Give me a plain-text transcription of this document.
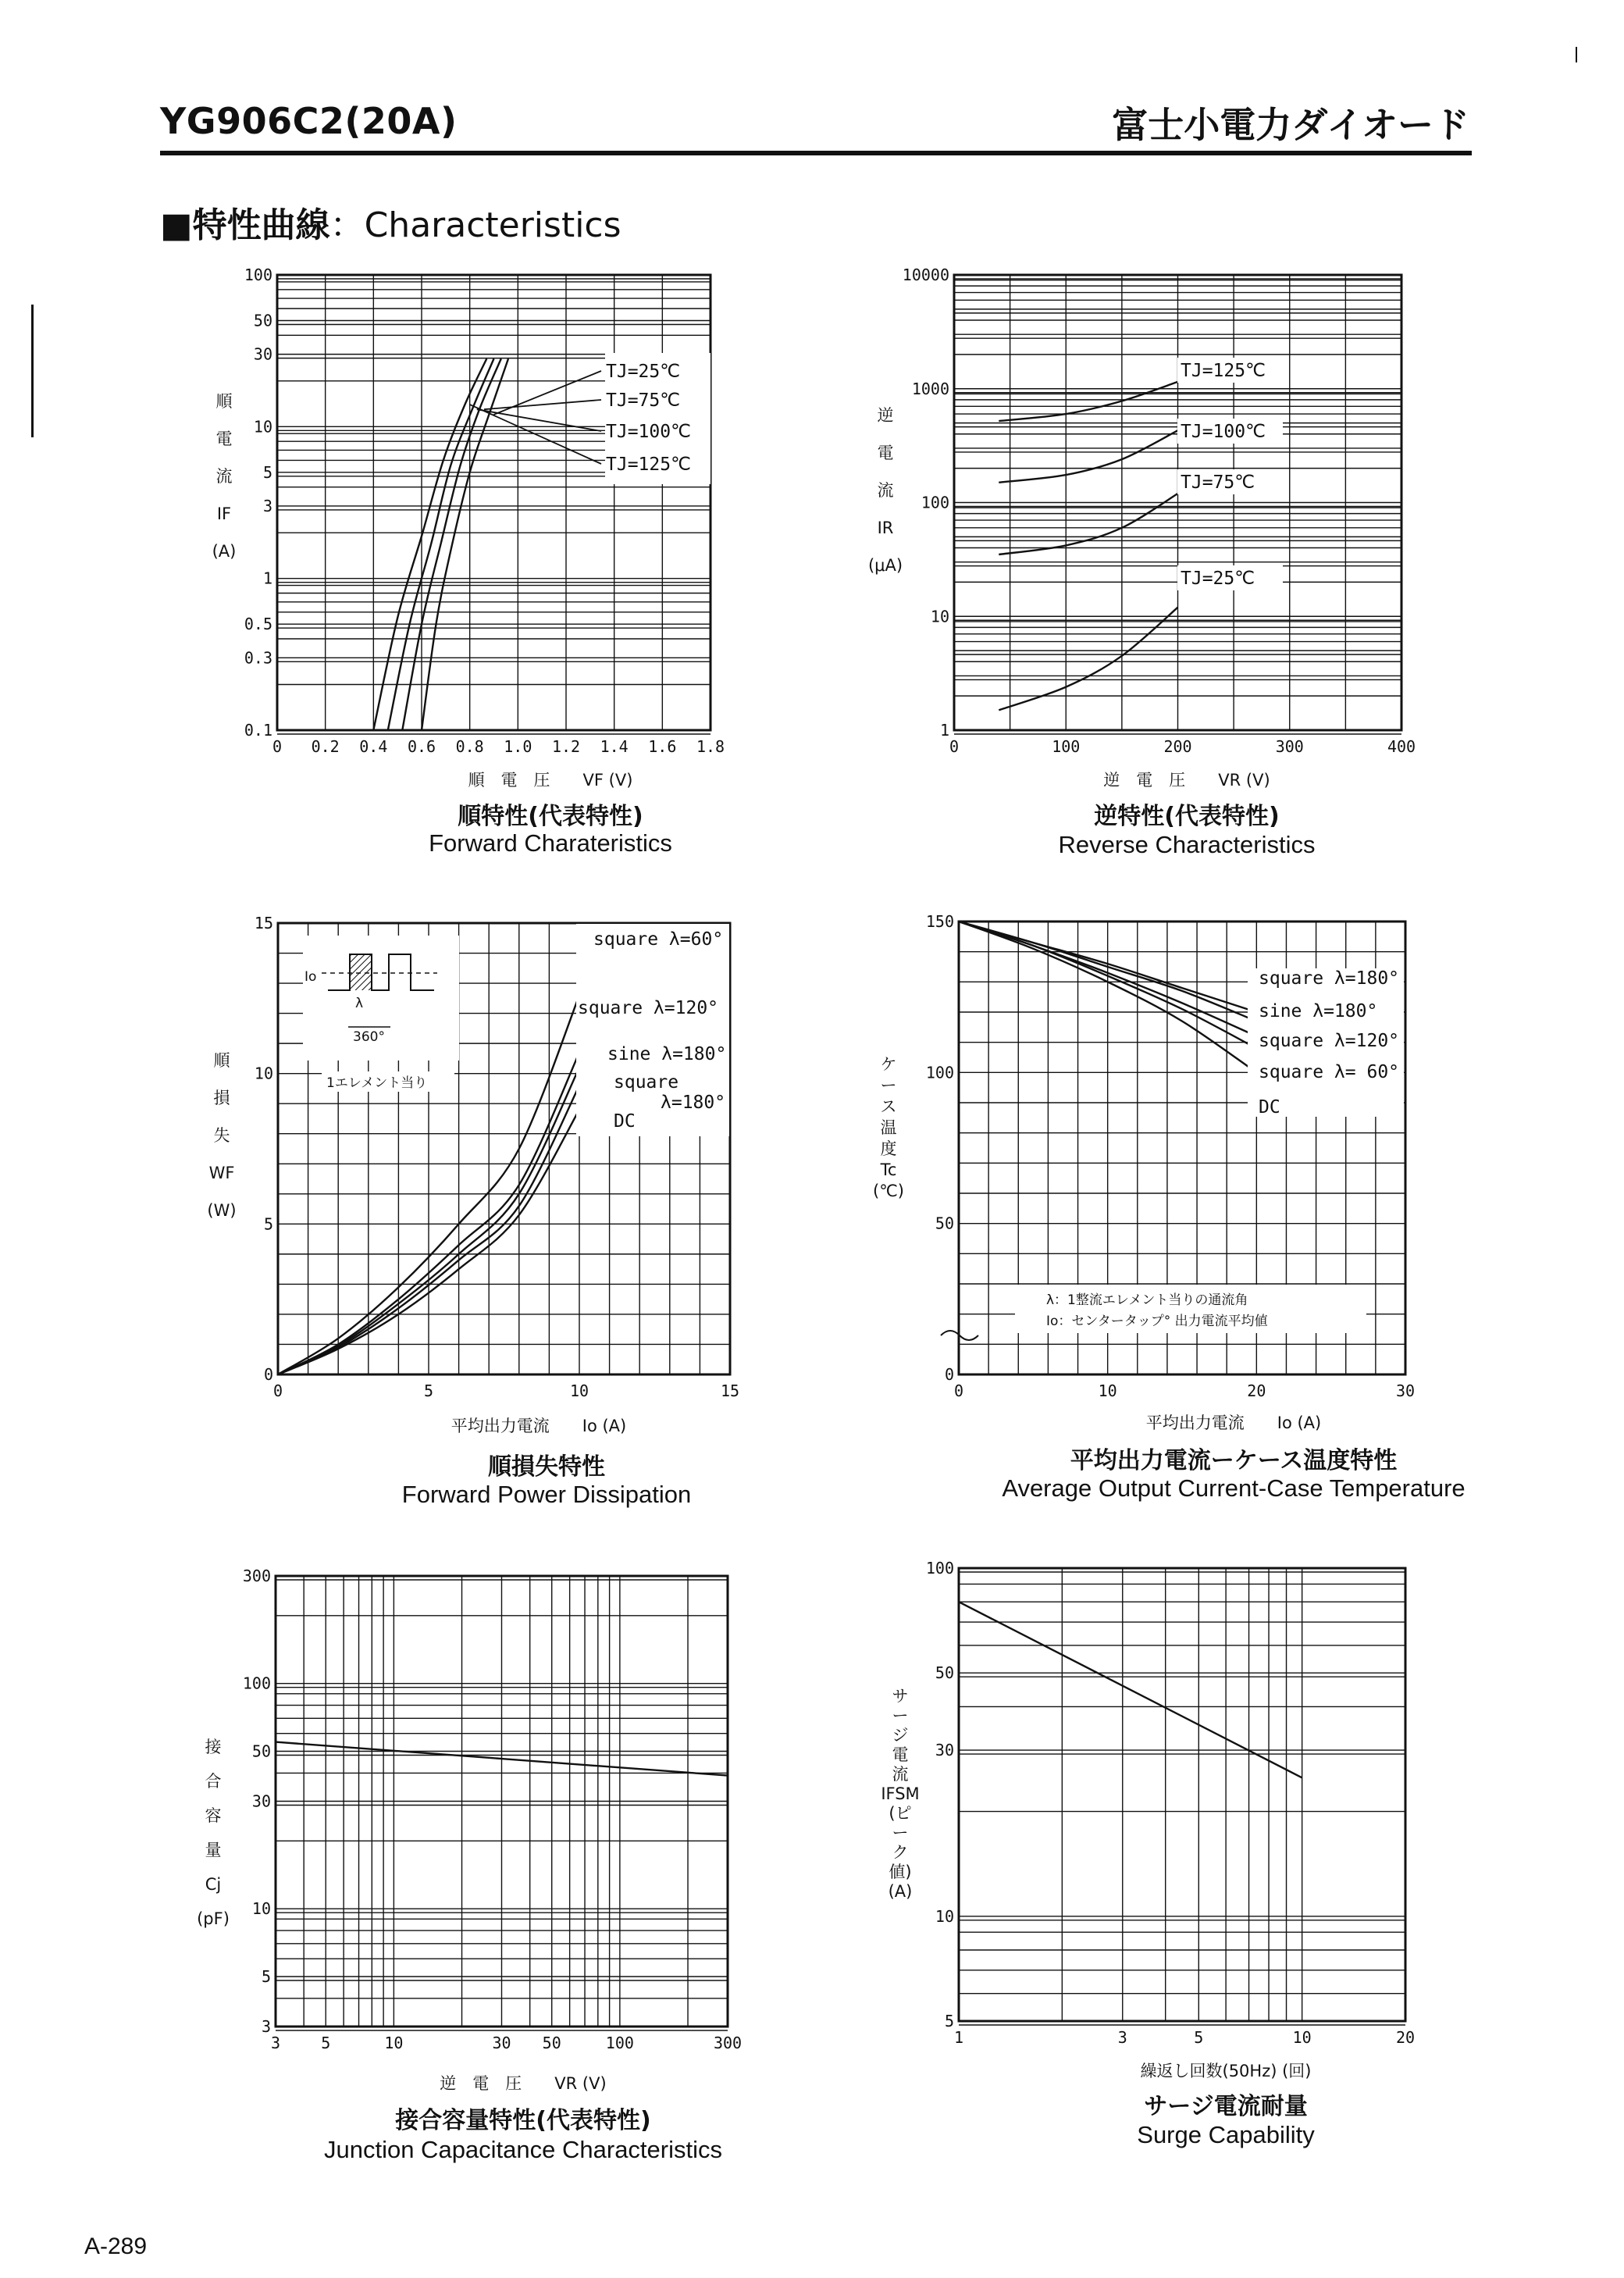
YG906C2(20A)	富士小電力ダイオード
■特性曲線：Characteristics
0 0.2 0.4 0.6 0.8 1.0 1.2 1.4 1.6 1.8
0.1
0.3
0.5
1
3
5
10
30
50
100
TJ=25℃
TJ=75℃
TJ=100℃
TJ=125℃
0	100	200	300	400
1
10
100
1000
10000
TJ=125℃
TJ=100℃
TJ=75℃
TJ=25℃
0	5	10	15
0
5
10
15
square λ=60°
square λ=120°
sine λ=180°
square
DC
λ=180°
Io
λ
360°
1エレメント当り
0	10	20	30
0
50
100
150
square λ=180°
sine λ=180°
square λ=120°
square λ= 60°
DC
λ：1整流エレメント当りの通流角
Io：センタータップ° 出力電流平均値
3	5	10	30 50	100	300
3
5
10
30
50
100
300
1	3	5	10	20
5
10
30
50
100
順
電
流
IF
(A)
順　電　圧　　VF (V)
順特性(代表特性)
Forward Charateristics
逆
電
流
IR
(μA)
逆　電　圧　　VR (V)
逆特性(代表特性)
Reverse Characteristics
順
損
失
WF
(W)
平均出力電流　　Io (A)
順損失特性
Forward Power Dissipation
ケ
ー
ス
温
度
Tc
(℃)
平均出力電流　　Io (A)
平均出力電流ーケース温度特性
Average Output Current-Case Temperature
接
合
容
量
Cj
(pF)
逆　電　圧　　VR (V)
接合容量特性(代表特性)
Junction Capacitance Characteristics
サ
ー
ジ
電
流
IFSM
(ピ
ー
ク
値)
(A)
繰返し回数(50Hz) (回)
サージ電流耐量
Surge Capability
A-289
